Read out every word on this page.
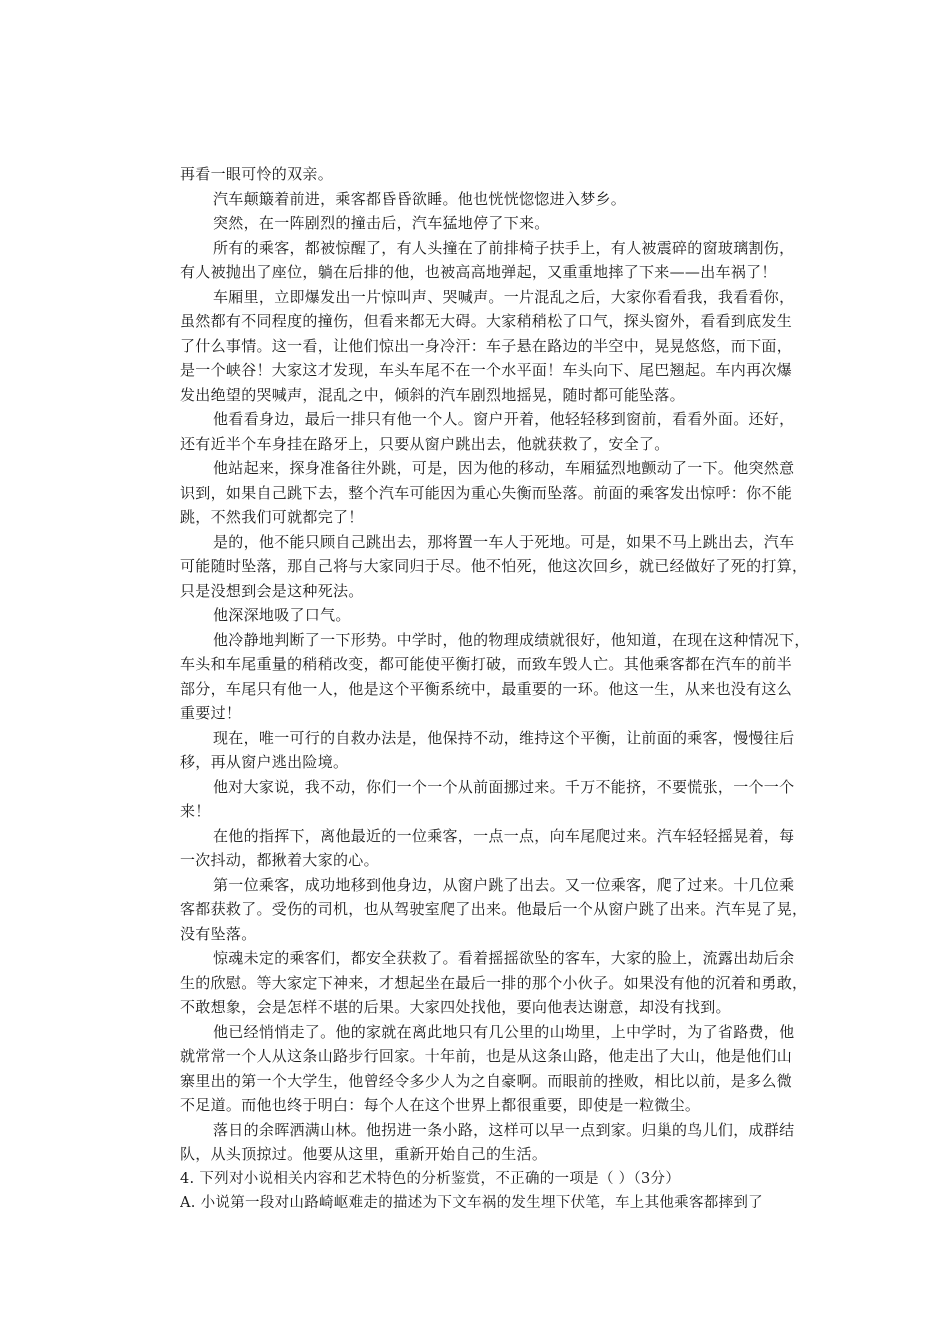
再看一眼可怜的双亲。
汽车颠簸着前进，乘客都昏昏欲睡。他也恍恍惚惚进入梦乡。
突然，在一阵剧烈的撞击后，汽车猛地停了下来。
所有的乘客，都被惊醒了，有人头撞在了前排椅子扶手上，有人被震碎的窗玻璃割伤，
有人被抛出了座位，躺在后排的他，也被高高地弹起，又重重地摔了下来——出车祸了！
车厢里，立即爆发出一片惊叫声、哭喊声。一片混乱之后，大家你看看我，我看看你，
虽然都有不同程度的撞伤，但看来都无大碍。大家稍稍松了口气，探头窗外，看看到底发生
了什么事情。这一看，让他们惊出一身冷汗：车子悬在路边的半空中，晃晃悠悠，而下面，
是一个峡谷！大家这才发现，车头车尾不在一个水平面！车头向下、尾巴翘起。车内再次爆
发出绝望的哭喊声，混乱之中，倾斜的汽车剧烈地摇晃，随时都可能坠落。
他看看身边，最后一排只有他一个人。窗户开着，他轻轻移到窗前，看看外面。还好，
还有近半个车身挂在路牙上，只要从窗户跳出去，他就获救了，安全了。
他站起来，探身准备往外跳，可是，因为他的移动，车厢猛烈地颤动了一下。他突然意
识到，如果自己跳下去，整个汽车可能因为重心失衡而坠落。前面的乘客发出惊呼：你不能
跳，不然我们可就都完了！
是的，他不能只顾自己跳出去，那将置一车人于死地。可是，如果不马上跳出去，汽车
可能随时坠落，那自己将与大家同归于尽。他不怕死，他这次回乡，就已经做好了死的打算，
只是没想到会是这种死法。
他深深地吸了口气。
他冷静地判断了一下形势。中学时，他的物理成绩就很好，他知道，在现在这种情况下，
车头和车尾重量的稍稍改变，都可能使平衡打破，而致车毁人亡。其他乘客都在汽车的前半
部分，车尾只有他一人，他是这个平衡系统中，最重要的一环。他这一生，从来也没有这么
重要过！
现在，唯一可行的自救办法是，他保持不动，维持这个平衡，让前面的乘客，慢慢往后
移，再从窗户逃出险境。
他对大家说，我不动，你们一个一个从前面挪过来。千万不能挤，不要慌张，一个一个
来！
在他的指挥下，离他最近的一位乘客，一点一点，向车尾爬过来。汽车轻轻摇晃着，每
一次抖动，都揪着大家的心。
第一位乘客，成功地移到他身边，从窗户跳了出去。又一位乘客，爬了过来。十几位乘
客都获救了。受伤的司机，也从驾驶室爬了出来。他最后一个从窗户跳了出来。汽车晃了晃，
没有坠落。
惊魂未定的乘客们，都安全获救了。看着摇摇欲坠的客车，大家的脸上，流露出劫后余
生的欣慰。等大家定下神来，才想起坐在最后一排的那个小伙子。如果没有他的沉着和勇敢，
不敢想象，会是怎样不堪的后果。大家四处找他，要向他表达谢意，却没有找到。
他已经悄悄走了。他的家就在离此地只有几公里的山坳里，上中学时，为了省路费，他
就常常一个人从这条山路步行回家。十年前，也是从这条山路，他走出了大山，他是他们山
寨里出的第一个大学生，他曾经令多少人为之自豪啊。而眼前的挫败，相比以前，是多么微
不足道。而他也终于明白：每个人在这个世界上都很重要，即使是一粒微尘。
落日的余晖洒满山林。他拐进一条小路，这样可以早一点到家。归巢的鸟儿们，成群结
队，从头顶掠过。他要从这里，重新开始自己的生活。
4. 下列对小说相关内容和艺术特色的分析鉴赏，不正确的一项是（ ）（3分）
A. 小说第一段对山路崎岖难走的描述为下文车祸的发生埋下伏笔，车上其他乘客都摔到了
